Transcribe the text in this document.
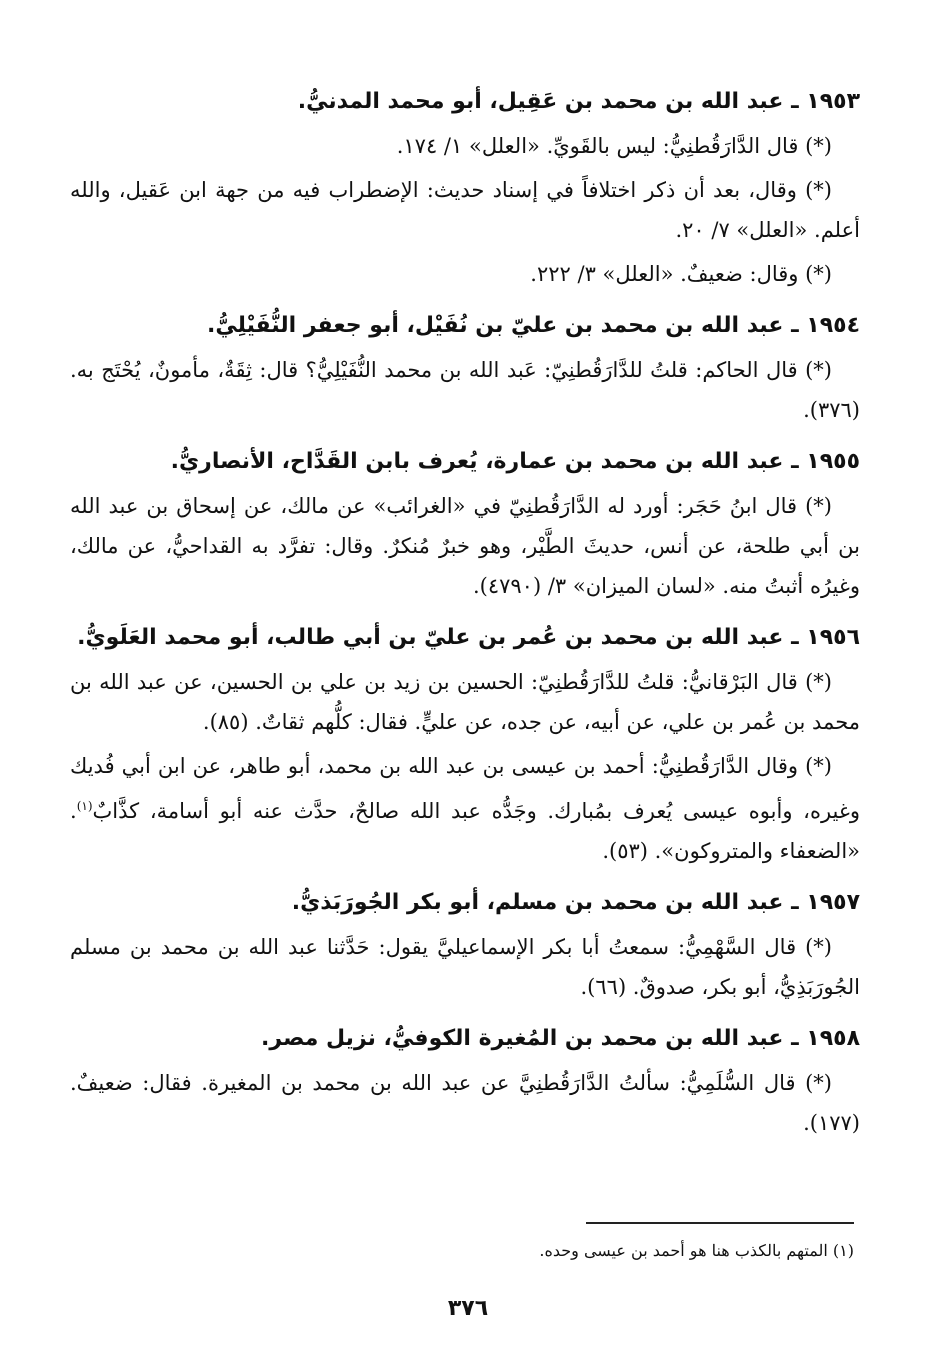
١٩٥٣ ـ عبد الله بن محمد بن عَقِيل، أبو محمد المدنيُّ.

(*) قال الدَّارَقُطنِيُّ: ليس بالقَويِّ. «العلل» ١/ ١٧٤.

(*) وقال، بعد أن ذكر اختلافاً في إسناد حديث: الإضطراب فيه من جهة ابن عَقيل، والله أعلم. «العلل» ٧/ ٢٠.

(*) وقال: ضعيفٌ. «العلل» ٣/ ٢٢٢.

١٩٥٤ ـ عبد الله بن محمد بن عليّ بن نُفَيْل، أبو جعفر النُّفَيْلِيُّ.

(*) قال الحاكم: قلتُ للدَّارَقُطنِيّ: عَبد الله بن محمد النُّفَيْلِيُّ؟ قال: ثِقَةٌ، مأمونٌ، يُحْتَج به. (٣٧٦).

١٩٥٥ ـ عبد الله بن محمد بن عمارة، يُعرف بابن القَدَّاح، الأنصاريُّ.

(*) قال ابنُ حَجَر: أورد له الدَّارَقُطنِيّ في «الغرائب» عن مالك، عن إسحاق بن عبد الله بن أبي طلحة، عن أنس، حديثَ الطَّيْر، وهو خبرٌ مُنكرٌ. وقال: تفرَّد به القداحيُّ، عن مالك، وغيرُه أثبتُ منه. «لسان الميزان» ٣/ (٤٧٩٠).

١٩٥٦ ـ عبد الله بن محمد بن عُمر بن عليّ بن أبي طالب، أبو محمد العَلَويُّ.

(*) قال البَرْقانيُّ: قلتُ للدَّارَقُطنِيّ: الحسين بن زيد بن علي بن الحسين، عن عبد الله بن محمد بن عُمر بن علي، عن أبيه، عن جده، عن عليٍّ. فقال: كلُّهم ثقاتٌ. (٨٥).

(*) وقال الدَّارَقُطنِيُّ: أحمد بن عيسى بن عبد الله بن محمد، أبو طاهر، عن ابن أبي فُديك وغيره، وأبوه عيسى يُعرف بمُبارك. وجَدُّه عبد الله صالحٌ، حدَّث عنه أبو أسامة، كذَّابٌ$^{(١)}$. «الضعفاء والمتروكون». (٥٣).

١٩٥٧ ـ عبد الله بن محمد بن مسلم، أبو بكر الجُورَبَذيُّ.

(*) قال السَّهْمِيُّ: سمعتُ أبا بكر الإسماعيليَّ يقول: حَدَّثنا عبد الله بن محمد بن مسلم الجُورَبَذِيُّ، أبو بكر، صدوقٌ. (٦٦).

١٩٥٨ ـ عبد الله بن محمد بن المُغيرة الكوفيُّ، نزيل مصر.

(*) قال السُّلَمِيُّ: سألتُ الدَّارَقُطنِيَّ عن عبد الله بن محمد بن المغيرة. فقال: ضعيفٌ. (١٧٧).

(١) المتهم بالكذب هنا هو أحمد بن عيسى وحده.
٣٧٦
